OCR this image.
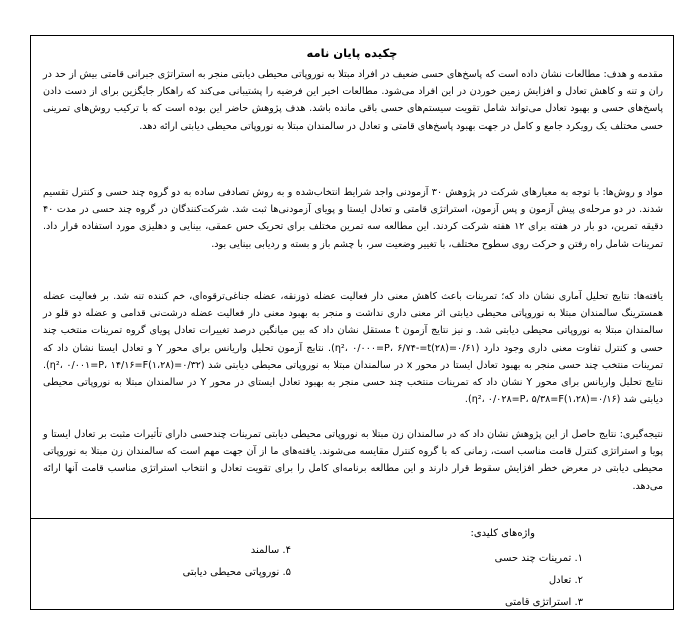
چکیده پایان نامه
مقدمه و هدف: مطالعات نشان داده است که پاسخ‌های حسی ضعیف در افراد مبتلا به نوروپاتی محیطی دیابتی منجر به استراتژی جبرانی قامتی بیش از حد در ران و تنه و کاهش تعادل و افزایش زمین خوردن در این افراد می‌شود. مطالعات اخیر این فرضیه را پشتیبانی می‌کند که راهکار جایگزین برای از دست دادن پاسخ‌های حسی و بهبود تعادل می‌تواند شامل تقویت سیستم‌های حسی باقی مانده باشد. هدف پژوهش حاضر این بوده است که با ترکیب روش‌های تمرینی حسی مختلف یک رویکرد جامع و کامل در جهت بهبود پاسخ‌های قامتی و تعادل در سالمندان مبتلا به نوروپاتی محیطی دیابتی ارائه دهد.
مواد و روش‌ها: با توجه به معیارهای شرکت در پژوهش ۳۰ آزمودنی واجد شرایط انتخاب‌شده و به روش تصادفی ساده به دو گروه چند حسی و کنترل تقسیم شدند. در دو مرحله‌ی پیش آزمون و پس آزمون، استراتژی قامتی و تعادل ایستا و پویای آزمودنی‌ها ثبت شد. شرکت‌کنندگان در گروه چند حسی در مدت ۴۰ دقیقه تمرین، دو بار در هفته برای ۱۲ هفته شرکت کردند. این مطالعه سه تمرین مختلف برای تحریک حس عمقی، بینایی و دهلیزی مورد استفاده قرار داد. تمرینات شامل راه رفتن و حرکت روی سطوح مختلف، با تغییر وضعیت سر، با چشم باز و بسته و ردیابی بینایی بود.
یافته‌ها: نتایج تحلیل آماری نشان داد که؛ تمرینات باعث کاهش معنی دار فعالیت عضله ذوزنقه، عضله جناغی‌ترقوه‌ای، خم کننده تنه شد. بر فعالیت عضله همسترینگ سالمندان مبتلا به نوروپاتی محیطی دیابتی اثر معنی داری نداشت و منجر به بهبود معنی دار فعالیت عضله درشت‌نی قدامی و عضله دو قلو در سالمندان مبتلا به نوروپاتی محیطی دیابتی شد. و نیز نتایج آزمون ‌‌t مستقل نشان داد که بین میانگین درصد تغییرات تعادل پویای گروه تمرینات منتخب چند حسی و کنترل تفاوت معنی داری وجود دارد (۰/۶۱=η²، ۰/۰۰۰=P، ۶/۷۴-=t(۲۸)). نتایج آزمون تحلیل واریانس برای محور Y و تعادل ایستا نشان داد که تمرینات منتخب چند حسی منجر به بهبود تعادل ایستا در محور x در سالمندان مبتلا به نوروپاتی محیطی دیابتی شد (۰/۳۲=η²، ۰/۰۰۱=P، ۱۴/۱۶=F(۱،۲۸)). نتایج تحلیل واریانس برای محور Y نشان داد که تمرینات منتخب چند حسی منجر به بهبود تعادل ایستای در محور Y در سالمندان مبتلا به نوروپاتی محیطی دیابتی شد (۰/۱۶=η²، ۰/۰۲۸=P، ۵/۳۸=F(۱،۲۸)).
نتیجه‌گیری: نتایج حاصل از این پژوهش نشان داد که در سالمندان زن مبتلا به نوروپاتی محیطی دیابتی تمرینات چندحسی دارای تأثیرات مثبت بر تعادل ایستا و پویا و استراتژی کنترل قامت مناسب است، زمانی که با گروه کنترل مقایسه می‌شوند. یافته‌های ما از آن جهت مهم است که سالمندان زن مبتلا به نوروپاتی محیطی دیابتی در معرض خطر افزایش سقوط قرار دارند و این مطالعه برنامه‌ای کامل را برای تقویت تعادل و انتخاب استراتژی مناسب قامت آنها ارائه می‌دهد.
واژه‌های کلیدی:
۱. تمرینات چند حسی
۲. تعادل
۳. استراتژی قامتی
۴. سالمند
۵. نوروپاتی محیطی دیابتی
